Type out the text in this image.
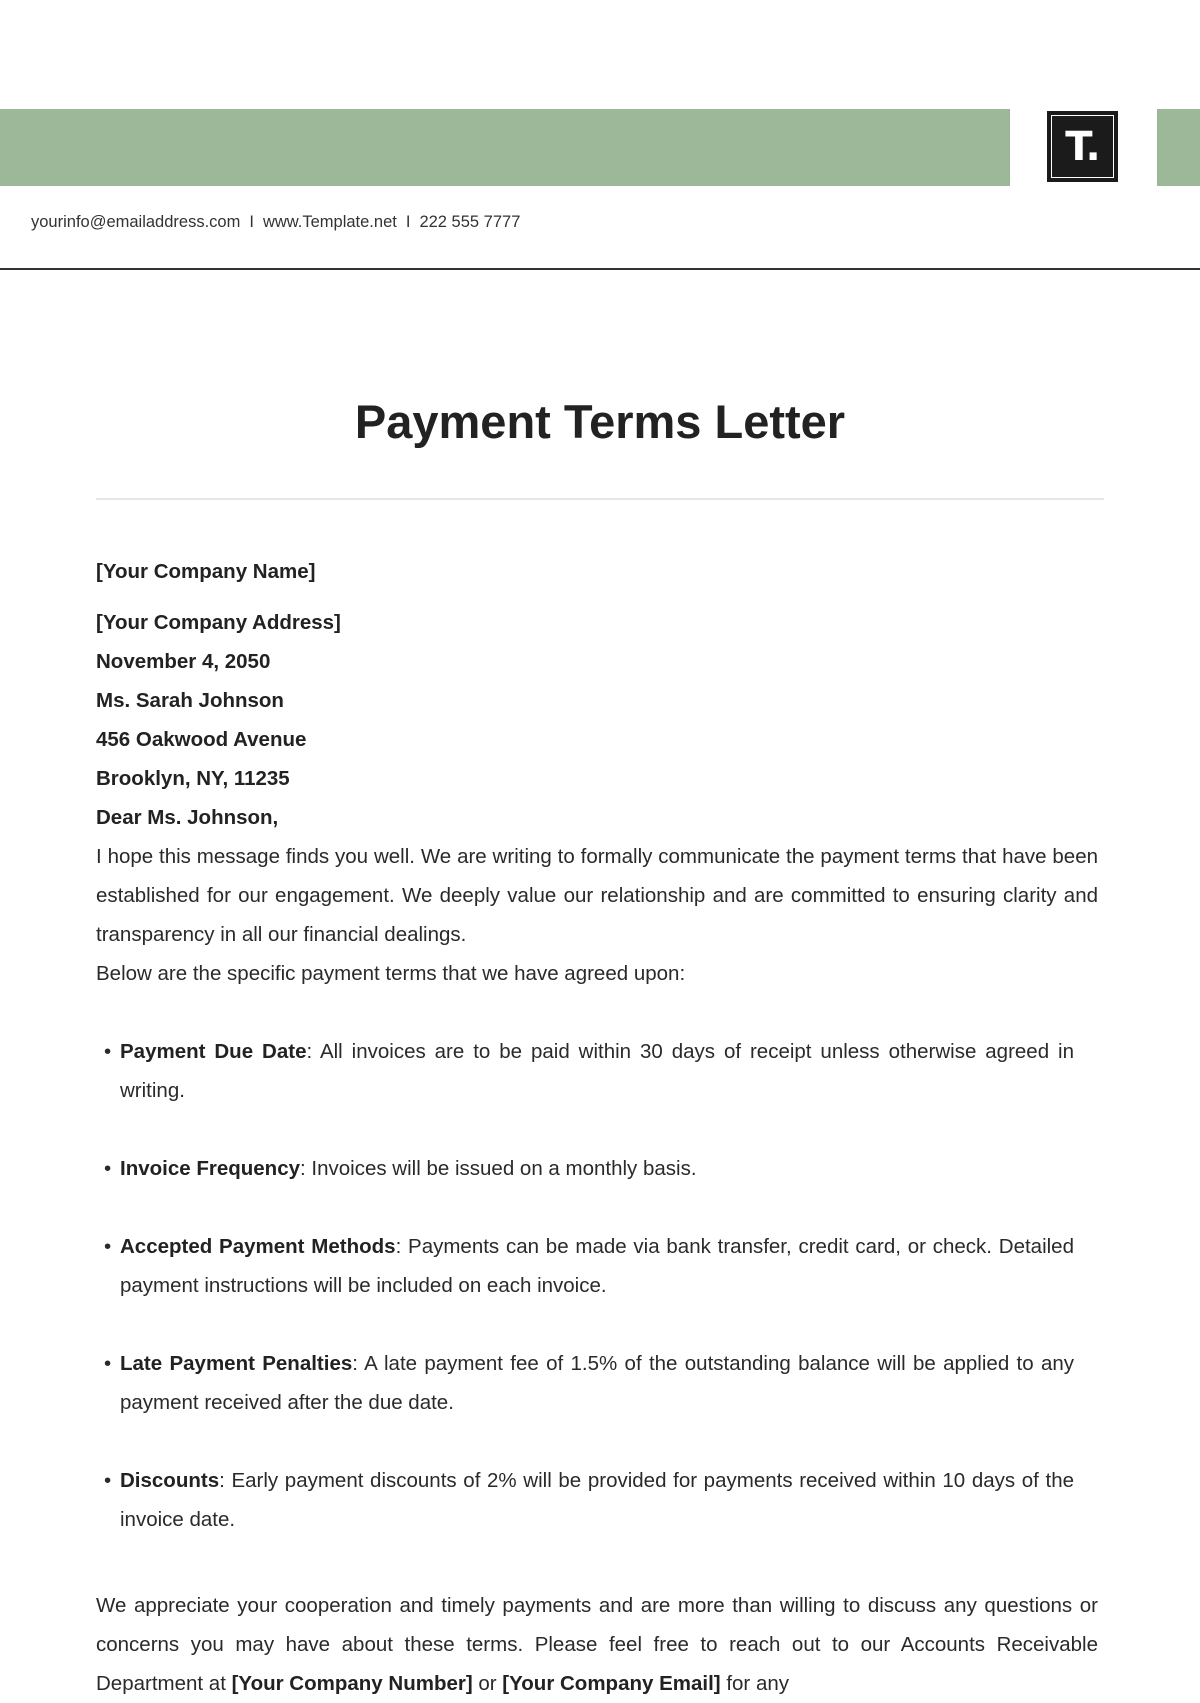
T.
yourinfo@emailaddress.com I www.Template.net I 222 555 7777
Payment Terms Letter

[Your Company Name]

[Your Company Address]

November 4, 2050

Ms. Sarah Johnson

456 Oakwood Avenue

Brooklyn, NY, 11235

Dear Ms. Johnson,

I hope this message finds you well. We are writing to formally communicate the payment terms that have been established for our engagement. We deeply value our relationship and are committed to ensuring clarity and transparency in all our financial dealings.

Below are the specific payment terms that we have agreed upon:

• Payment Due Date: All invoices are to be paid within 30 days of receipt unless otherwise agreed in writing.
• Invoice Frequency: Invoices will be issued on a monthly basis.
• Accepted Payment Methods: Payments can be made via bank transfer, credit card, or check. Detailed payment instructions will be included on each invoice.
• Late Payment Penalties: A late payment fee of 1.5% of the outstanding balance will be applied to any payment received after the due date.
• Discounts: Early payment discounts of 2% will be provided for payments received within 10 days of the invoice date.

We appreciate your cooperation and timely payments and are more than willing to discuss any questions or concerns you may have about these terms. Please feel free to reach out to our Accounts Receivable Department at [Your Company Number] or [Your Company Email] for any
